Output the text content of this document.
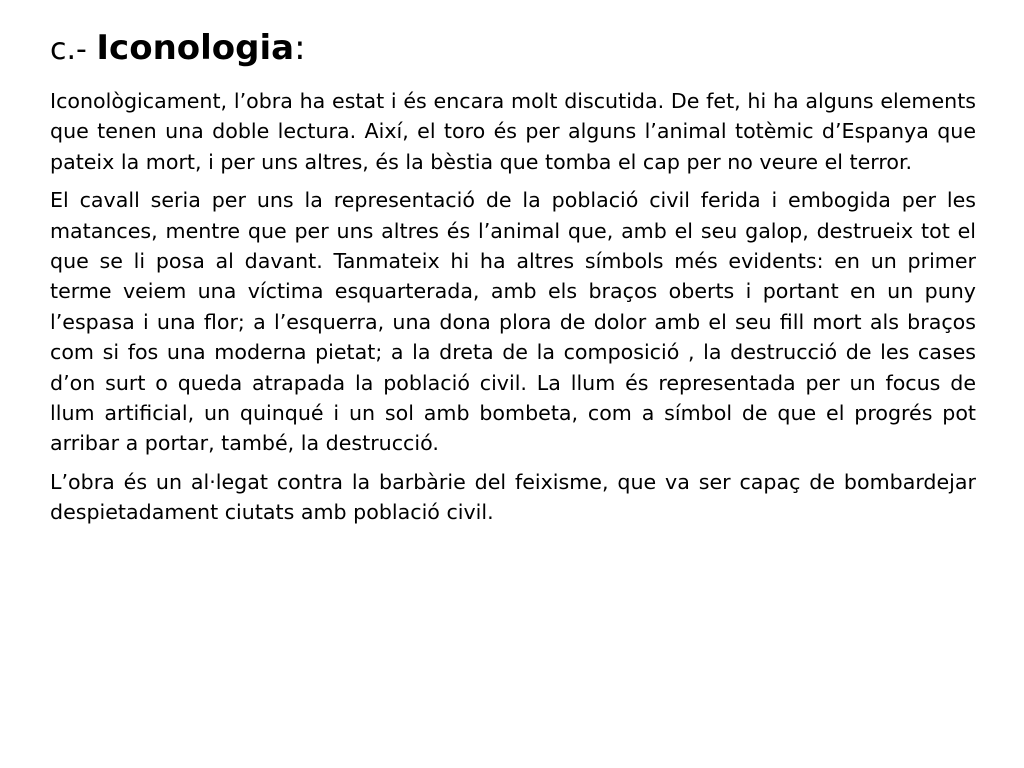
c.- Iconologia:

Iconològicament, l’obra ha estat i és encara molt discutida. De fet, hi ha alguns elements que tenen una doble lectura. Així, el toro és per alguns l’animal totèmic d’Espanya que pateix la mort, i per uns altres, és la bèstia que tomba el cap per no veure el terror.

El cavall seria per uns la representació de la població civil ferida i embogida per les matances, mentre que per uns altres és l’animal que, amb el seu galop, destrueix tot el que se li posa al davant. Tanmateix hi ha altres símbols més evidents: en un primer terme veiem una víctima esquarterada, amb els braços oberts i portant en un puny l’espasa i una flor; a l’esquerra, una dona plora de dolor amb el seu fill mort als braços com si fos una moderna pietat; a la dreta de la composició , la destrucció de les cases d’on surt o queda atrapada la població civil. La llum és representada per un focus de llum artificial, un quinqué i un sol amb bombeta, com a símbol de que el progrés pot arribar a portar, també, la destrucció.

L’obra és un al·legat contra la barbàrie del feixisme, que va ser capaç de bombardejar despietadament ciutats amb població civil.
